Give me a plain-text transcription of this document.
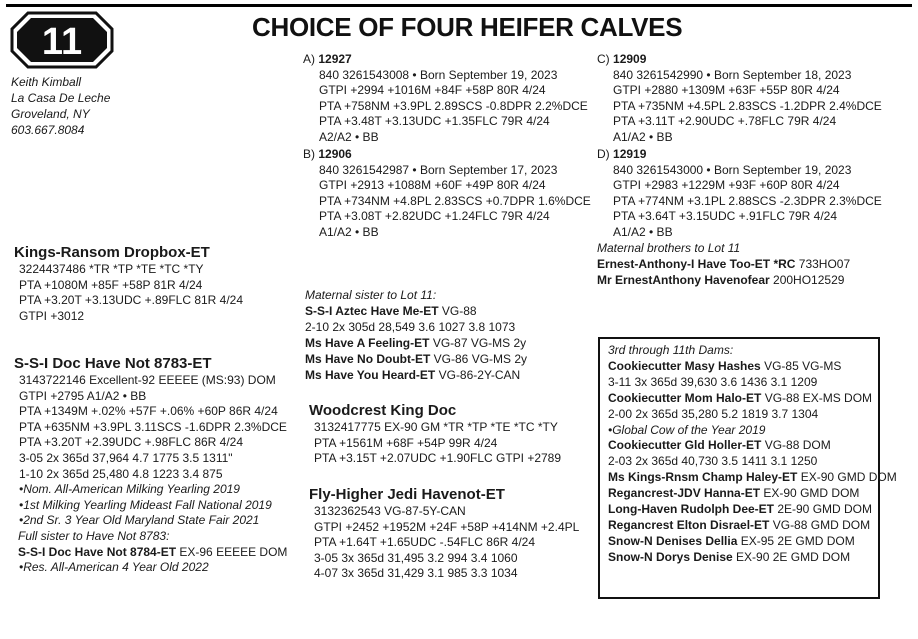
11	CHOICE OF FOUR HEIFER CALVES
Keith Kimball
La Casa De Leche
Groveland, NY
603.667.8084
A) 12927
840 3261543008 • Born September 19, 2023
GTPI +2994 +1016M +84F +58P 80R 4/24
PTA +758NM +3.9PL 2.89SCS -0.8DPR 2.2%DCE
PTA +3.48T +3.13UDC +1.35FLC 79R 4/24
A2/A2 • BB
B) 12906
840 3261542987 • Born September 17, 2023
GTPI +2913 +1088M +60F +49P 80R 4/24
PTA +734NM +4.8PL 2.83SCS +0.7DPR 1.6%DCE
PTA +3.08T +2.82UDC +1.24FLC 79R 4/24
A1/A2 • BB
C) 12909
840 3261542990 • Born September 18, 2023
GTPI +2880 +1309M +63F +55P 80R 4/24
PTA +735NM +4.5PL 2.83SCS -1.2DPR 2.4%DCE
PTA +3.11T +2.90UDC +.78FLC 79R 4/24
A1/A2 • BB
D) 12919
840 3261543000 • Born September 19, 2023
GTPI +2983 +1229M +93F +60P 80R 4/24
PTA +774NM +3.1PL 2.88SCS -2.3DPR 2.3%DCE
PTA +3.64T +3.15UDC +.91FLC 79R 4/24
A1/A2 • BB
Maternal brothers to Lot 11
Ernest-Anthony-I Have Too-ET *RC 733HO07
Mr ErnestAnthony Havenofear 200HO12529
Kings-Ransom Dropbox-ET
3224437486 *TR *TP *TE *TC *TY
PTA +1080M +85F +58P 81R 4/24
PTA +3.20T +3.13UDC +.89FLC 81R 4/24
GTPI +3012
S-S-I Doc Have Not 8783-ET
3143722146 Excellent-92 EEEEE (MS:93) DOM
GTPI +2795 A1/A2 • BB
PTA +1349M +.02% +57F +.06% +60P 86R 4/24
PTA +635NM +3.9PL 3.11SCS -1.6DPR 2.3%DCE
PTA +3.20T +2.39UDC +.98FLC 86R 4/24
3-05 2x 365d 37,964 4.7 1775 3.5 1311"
1-10 2x 365d 25,480 4.8 1223 3.4 875
•Nom. All-American Milking Yearling 2019
•1st Milking Yearling Mideast Fall National 2019
•2nd Sr. 3 Year Old Maryland State Fair 2021
Full sister to Have Not 8783:
S-S-I Doc Have Not 8784-ET EX-96 EEEEE DOM
•Res. All-American 4 Year Old 2022
Maternal sister to Lot 11:
S-S-I Aztec Have Me-ET VG-88
2-10 2x 305d 28,549 3.6 1027 3.8 1073
Ms Have A Feeling-ET VG-87 VG-MS 2y
Ms Have No Doubt-ET VG-86 VG-MS 2y
Ms Have You Heard-ET VG-86-2Y-CAN
Woodcrest King Doc
3132417775 EX-90 GM *TR *TP *TE *TC *TY
PTA +1561M +68F +54P 99R 4/24
PTA +3.15T +2.07UDC +1.90FLC GTPI +2789
Fly-Higher Jedi Havenot-ET
3132362543 VG-87-5Y-CAN
GTPI +2452 +1952M +24F +58P +414NM +2.4PL
PTA +1.64T +1.65UDC -.54FLC 86R 4/24
3-05 3x 365d 31,495 3.2 994 3.4 1060
4-07 3x 365d 31,429 3.1 985 3.3 1034
3rd through 11th Dams:
Cookiecutter Masy Hashes VG-85 VG-MS
3-11 3x 365d 39,630 3.6 1436 3.1 1209
Cookiecutter Mom Halo-ET VG-88 EX-MS DOM
2-00 2x 365d 35,280 5.2 1819 3.7 1304
•Global Cow of the Year 2019
Cookiecutter Gld Holler-ET VG-88 DOM
2-03 2x 365d 40,730 3.5 1411 3.1 1250
Ms Kings-Rnsm Champ Haley-ET EX-90 GMD DOM
Regancrest-JDV Hanna-ET EX-90 GMD DOM
Long-Haven Rudolph Dee-ET 2E-90 GMD DOM
Regancrest Elton Disrael-ET VG-88 GMD DOM
Snow-N Denises Dellia EX-95 2E GMD DOM
Snow-N Dorys Denise EX-90 2E GMD DOM
